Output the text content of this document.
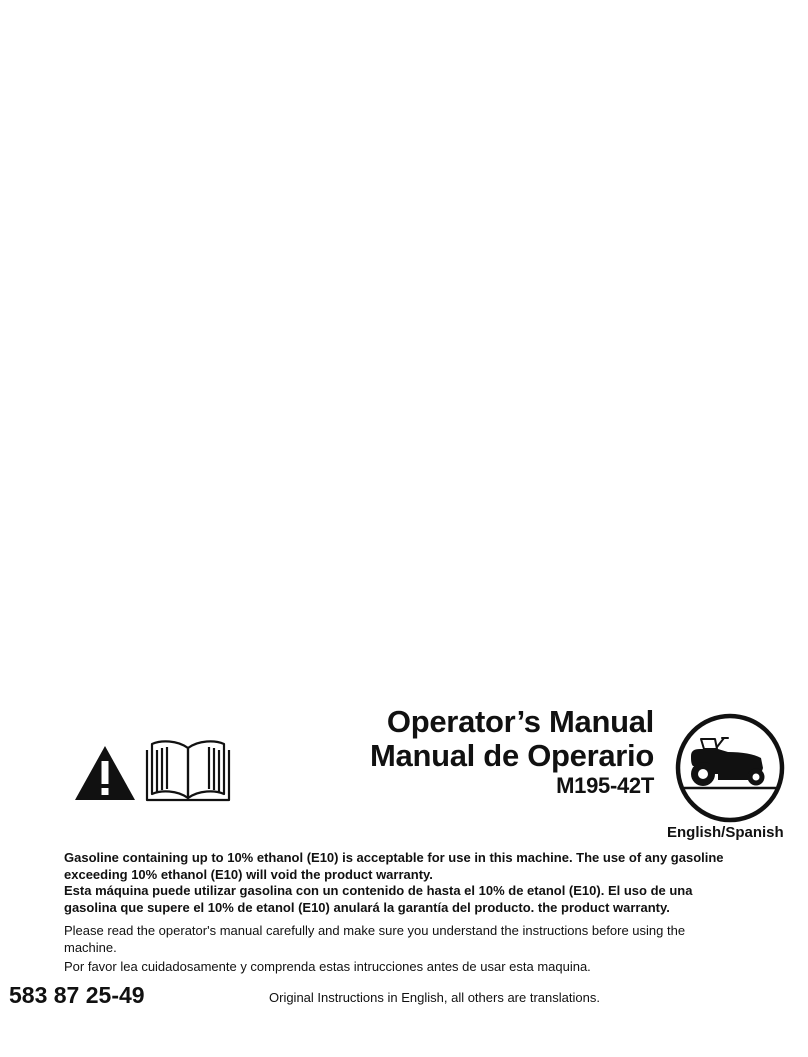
Operator’s Manual
Manual de Operario
M195-42T
English/Spanish

Gasoline containing up to 10% ethanol (E10) is acceptable for use in this machine. The use of any gasoline exceeding 10% ethanol (E10) will void the product warranty.

Esta máquina puede utilizar gasolina con un contenido de hasta el 10% de etanol (E10). El uso de una gasolina que supere el 10% de etanol (E10) anulará la garantía del producto. the product warranty.

Please read the operator's manual carefully and make sure you understand the instructions before using the machine.

Por favor lea cuidadosamente y comprenda estas intrucciones antes de usar esta maquina.

583 87 25-49	Original Instructions in English, all others are translations.
